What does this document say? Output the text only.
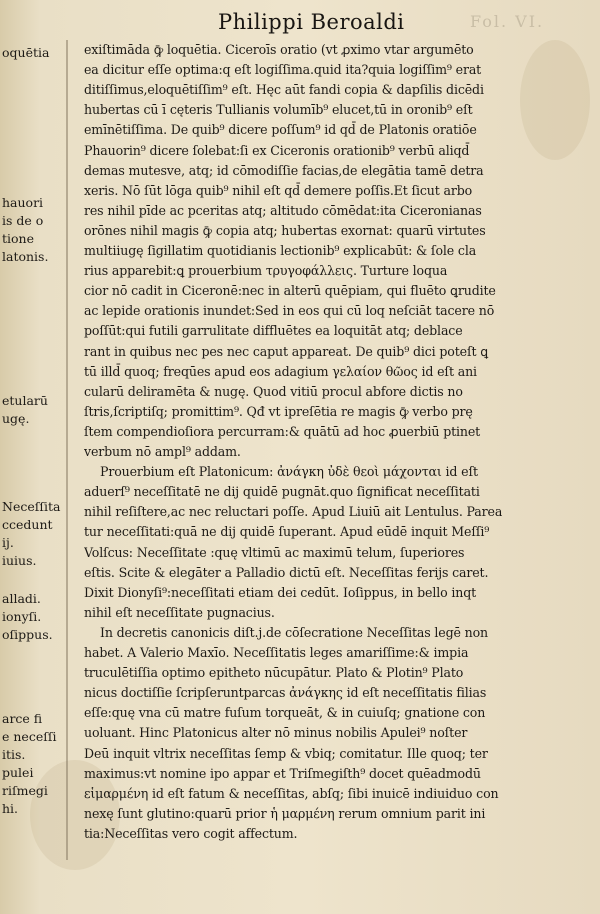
Philippi Beroaldi	Fol. VI.
oquētia
hauori
is de o
tione
latonis.
etularū
ugę.
Neceſſita
ccedunt
ij.
iuius.
alladi.
ionyſi.
oſippus.
arce fi
e neceſſi
itis.
pulei
riſmegi
hi.
exiſtimāda ꝙ̄ loquētia. Ciceroīs oratio (vt ꝓximo vtar argumēto
ea dicitur eſſe optima:q eſt logiſſima.quid ita?quia logiſſim⁹ erat
ditiſſimus,eloquētiſſim⁹ eſt. Hęc aūt fandi copia & dapſilis dicēdi
hubertas cū ī cęteris Tullianis volumīb⁹ elucet,tū in oronib⁹ eſt
emīnētiſſima. De quib⁹ dicere poſſum⁹ id qd̄ de Platonis oratiōe
Phauorin⁹ dicere ſolebat:ſi ex Ciceronis orationib⁹ verbū aliqd̄
demas mutesve, atq; id cōmodiſſie facias,de elegātia tamē detra
xeris. Nō ſūt lōga quib⁹ nihil eſt qd̄ demere poſſis.Et ſicut arbo
res nihil pīde ac pceritas atq; altitudo cōmēdat:ita Ciceronianas
orōnes nihil magis ꝙ̄ copia atq; hubertas exornat: quarū virtutes
multiiugę ſigillatim quotidianis lectionib⁹ explicabūt: & ſole cla
rius apparebit:ꝗ prouerbium τρυγοφάλλεις. Turture loqua
cior nō cadit in Ciceronē:nec in alterū quēpiam, qui fluēto ꝗrudite
ac lepide orationis inundet:Sed in eos qui cū loq neſciāt tacere nō
poſſūt:qui futili garrulitate diffluētes ea loquitāt atq; deblace
rant in quibus nec pes nec caput appareat. De quib⁹ dici poteſt ꝗ
tū illd̄ quoq; freqūes apud eos adagium γελαίον θῶος id eſt ani
cularū deliramēta & nugę. Quod vitiū procul abfore dictis no
ſtris,ſcriptiſq; promittim⁹. Qđ vt ipreſētia re magis ꝙ̄ verbo prę
ſtem compendioſiora percurram:& quātū ad hoc ꝓuerbiū ptinet
verbum nō ampl⁹ addam.
Prouerbium eſt Platonicum: ἀνάγκη ὐδὲ θεοὶ μάχονται id eſt
aduerſ⁹ neceſſitatē ne dij quidē pugnāt.quo ſignificat neceſſitati
nihil reſiſtere,ac nec reluctari poſſe. Apud Liuiū ait Lentulus. Parea
tur neceſſitati:quā ne dij quidē ſuperant. Apud eūdē inquit Meſſi⁹
Volſcus: Neceſſitate :quę vltimū ac maximū telum, ſuperiores
eſtis. Scite & elegāter a Palladio dictū eſt. Neceſſitas ferijs caret.
Dixit Dionyſi⁹:neceſſitati etiam dei cedūt. Ioſippus, in bello inqt
nihil eſt neceſſitate pugnacius.
In decretis canonicis diſt.j.de cōſecratione Neceſſitas legē non
habet. A Valerio Maxīo. Neceſſitatis leges amariſſime:& impia
truculētiſſia optimo epitheto nūcupātur. Plato & Plotin⁹ Plato
nicus doctiſſie ſcripſeruntparcas ἀνάγκης id eſt neceſſitatis filias
eſſe:quę vna cū matre fuſum torqueāt, & in cuiuſq; gnatione con
uoluant. Hinc Platonicus alter nō minus nobilis Apulei⁹ noſter
Deū inquit vltrix neceſſitas ſemp & vbiq; comitatur. Ille quoq; ter
maximus:vt nomine ipo appar et Triſmegiſth⁹ docet quēadmodū
εἱμαρμένη id eſt fatum & neceſſitas, abſq; ſibi inuicē indiuiduo con
nexę ſunt glutino:quarū prior ἡ μαρμένη rerum omnium parit ini
tia:Neceſſitas vero cogit affectum.
